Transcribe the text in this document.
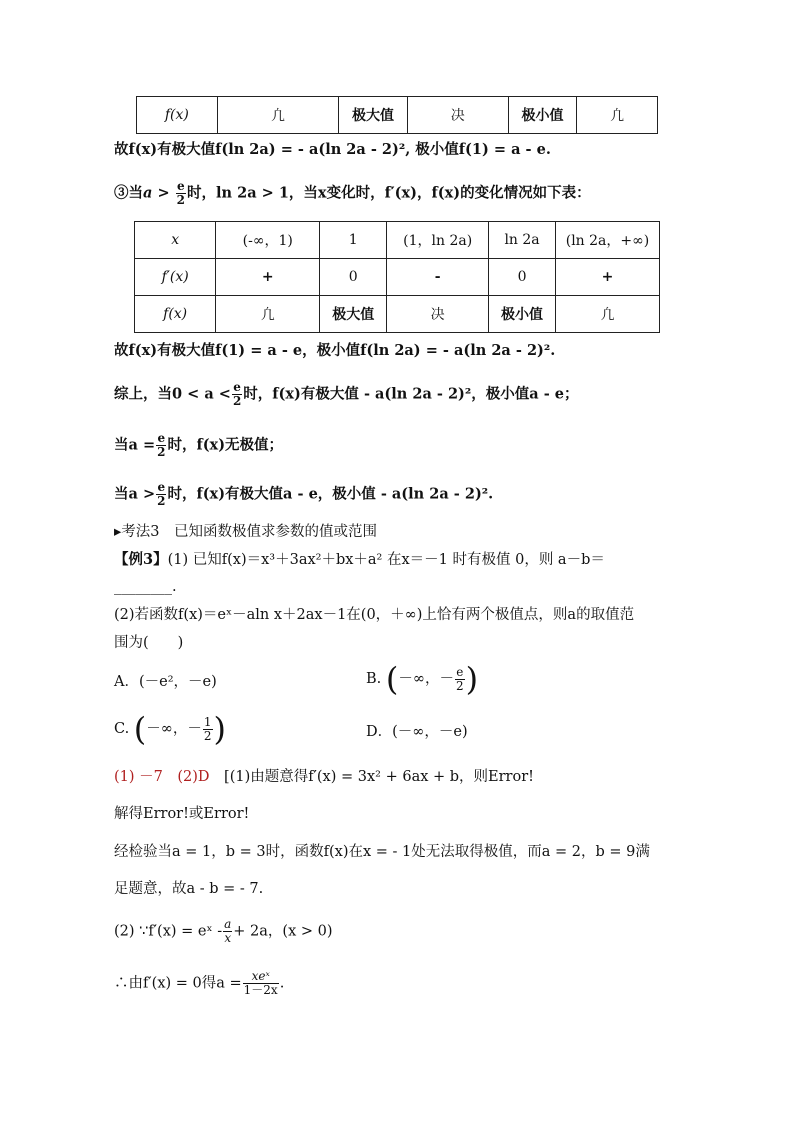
f(x)	凢	极大值	决	极小值	凢
故f(x)有极大值f(ln 2a) = - a(ln 2a - 2)², 极小值f(1) = a - e.
③当$a > \frac{e}{2}$ 时，ln 2a > 1，当x变化时，f′(x)，f(x)的变化情况如下表：
x	(-∞，1)	1	(1，ln 2a)	ln 2a	(ln 2a，+∞)
f′(x)	+	0	-	0	+
f(x)	凢	极大值	决	极小值	凢
故f(x)有极大值f(1) = a - e，极小值f(ln 2a) = - a(ln 2a - 2)².
综上，当$0 < a < \frac{e}{2}$ 时，f(x)有极大值 - a(ln 2a - 2)²，极小值a - e；
当$a = \frac{e}{2}$ 时，f(x)无极值；
当$a > \frac{e}{2}$ 时，f(x)有极大值a - e，极小值 - a(ln 2a - 2)².
▸考法3　已知函数极值求参数的值或范围
【例3】(1) 已知f(x)＝x³＋3ax²＋bx＋a² 在x＝－1 时有极值 0，则 a－b＝
________.
(2)若函数f(x)＝eˣ－aln x＋2ax－1在(0，＋∞)上恰有两个极值点，则a的取值范
围为(　　)
A．(－e²，－e)	B. (－∞，－ $\frac{e}{2}$ )
C. (－∞，－ $\frac{1}{2}$ )	D．(－∞，－e)
(1) －7　(2)D　 [(1)由题意得f′(x) = 3x² + 6ax + b，则Error!
解得Error!或Error!
经检验当a = 1，b = 3时，函数f(x)在x = - 1处无法取得极值，而a = 2，b = 9满
足题意，故a - b = - 7.
(2) ∵f′(x) = eˣ - $\frac{a}{x} + 2a$，(x > 0)
∴由f′(x) = 0得$a = \frac{\text{xeˣ}}{1-2x}$ .
